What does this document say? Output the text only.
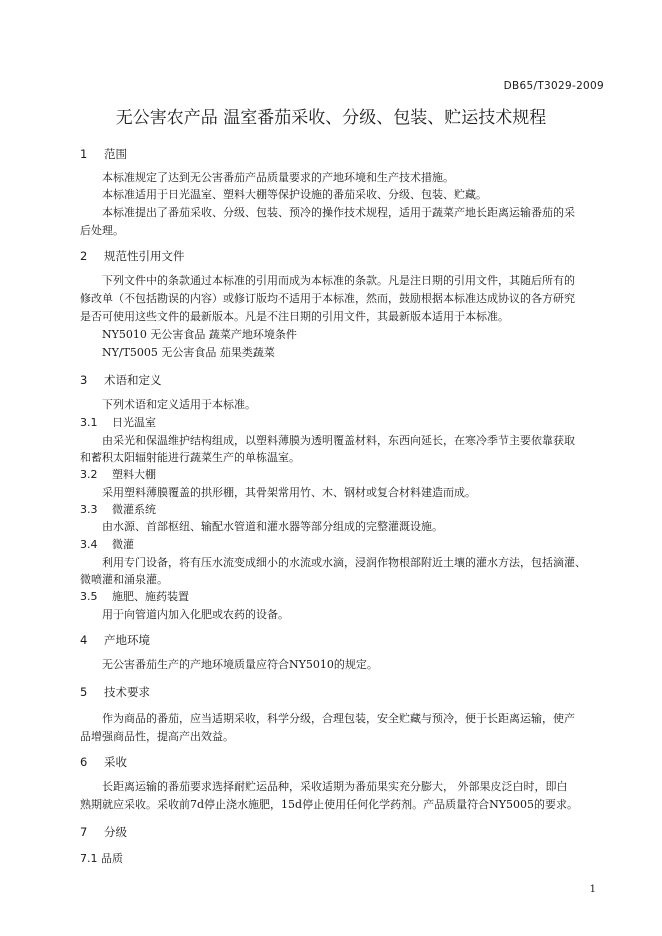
DB65/T3029-2009
无公害农产品 温室番茄采收、分级、包装、贮运技术规程
1 范围
本标准规定了达到无公害番茄产品质量要求的产地环境和生产技术措施。
本标准适用于日光温室、塑料大棚等保护设施的番茄采收、分级、包装、贮藏。
本标准提出了番茄采收、分级、包装、预冷的操作技术规程，适用于蔬菜产地长距离运输番茄的采
后处理。
2 规范性引用文件
下列文件中的条款通过本标准的引用而成为本标准的条款。凡是注日期的引用文件，其随后所有的
修改单（不包括勘误的内容）或修订版均不适用于本标准，然而，鼓励根据本标准达成协议的各方研究
是否可使用这些文件的最新版本。凡是不注日期的引用文件，其最新版本适用于本标准。
NY5010 无公害食品 蔬菜产地环境条件
NY/T5005 无公害食品 茄果类蔬菜
3 术语和定义
下列术语和定义适用于本标准。
3.1 日光温室
由采光和保温维护结构组成，以塑料薄膜为透明覆盖材料，东西向延长，在寒冷季节主要依靠获取
和蓄积太阳辐射能进行蔬菜生产的单栋温室。
3.2 塑料大棚
采用塑料薄膜覆盖的拱形棚，其骨架常用竹、木、钢材或复合材料建造而成。
3.3 微灌系统
由水源、首部枢纽、输配水管道和灌水器等部分组成的完整灌溉设施。
3.4 微灌
利用专门设备，将有压水流变成细小的水流或水滴，浸润作物根部附近土壤的灌水方法，包括滴灌、
微喷灌和涌泉灌。
3.5 施肥、施药装置
用于向管道内加入化肥或农药的设备。
4 产地环境
无公害番茄生产的产地环境质量应符合NY5010的规定。
5 技术要求
作为商品的番茄，应当适期采收，科学分级，合理包装，安全贮藏与预冷，便于长距离运输，使产
品增强商品性，提高产出效益。
6 采收
长距离运输的番茄要求选择耐贮运品种，采收适期为番茄果实充分膨大， 外部果皮泛白时，即白
熟期就应采收。采收前7d停止浇水施肥，15d停止使用任何化学药剂。产品质量符合NY5005的要求。
7 分级
7.1 品质
1
